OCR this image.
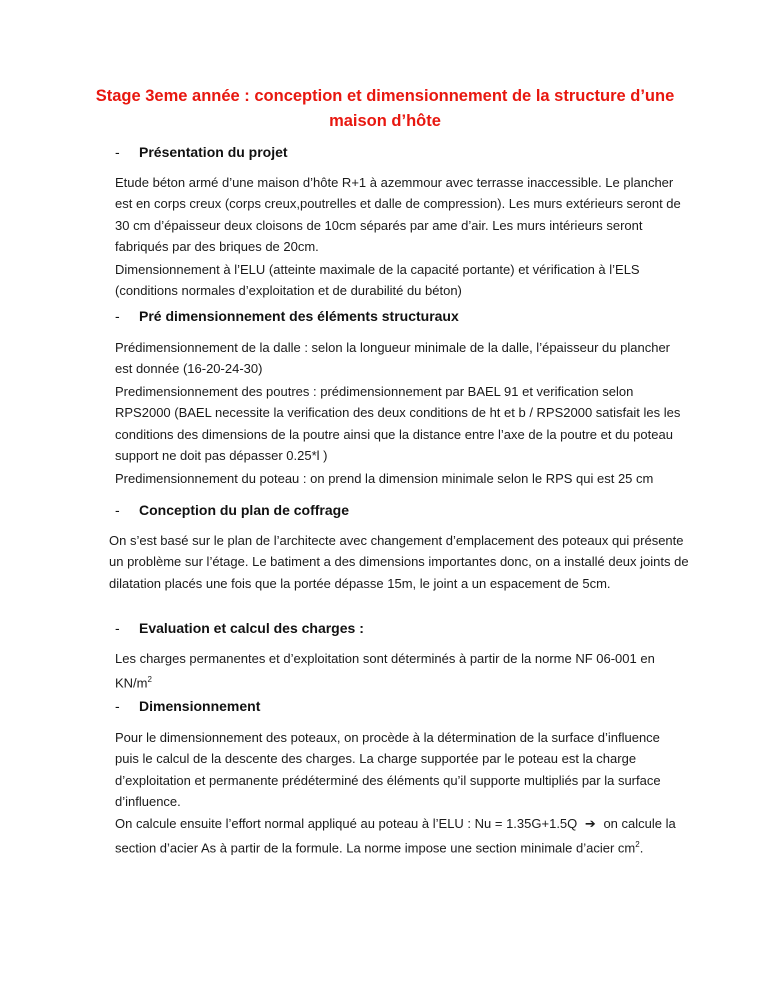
Stage 3eme année : conception et dimensionnement de la structure d’une maison d’hôte
- Présentation du projet

Etude béton armé d’une maison d’hôte R+1 à azemmour avec terrasse inaccessible. Le plancher est en corps creux (corps creux,poutrelles et dalle de compression). Les murs extérieurs seront de 30 cm d’épaisseur deux cloisons de 10cm séparés par ame d’air. Les murs intérieurs seront fabriqués par des briques de 20cm.

Dimensionnement à l’ELU (atteinte maximale de la capacité portante) et vérification à l’ELS (conditions normales d’exploitation et de durabilité du béton)

- Pré dimensionnement des éléments structuraux

Prédimensionnement de la dalle : selon la longueur minimale de la dalle, l’épaisseur du plancher est donnée (16-20-24-30)

Predimensionnement des poutres : prédimensionnement par BAEL 91 et verification selon RPS2000 (BAEL necessite la verification des deux conditions de ht et b / RPS2000 satisfait les les conditions des dimensions de la poutre ainsi que la distance entre l’axe de la poutre et du poteau support ne doit pas dépasser 0.25*l )

Predimensionnement du poteau : on prend la dimension minimale selon le RPS qui est 25 cm

- Conception du plan de coffrage

On s’est basé sur le plan de l’architecte avec changement d’emplacement des poteaux qui présente un problème sur l’étage. Le batiment a des dimensions importantes donc, on a installé deux joints de dilatation placés une fois que la portée dépasse 15m, le joint a un espacement de 5cm.

- Evaluation et calcul des charges :

Les charges permanentes et d’exploitation sont déterminés à partir de la norme NF 06-001 en
$KN/m^2$

- Dimensionnement

Pour le dimensionnement des poteaux, on procède à la détermination de la surface d’influence puis le calcul de la descente des charges. La charge supportée par le poteau est la charge d’exploitation et permanente prédéterminé des éléments qu’il supporte multipliés par la surface d’influence.

On calcule ensuite l’effort normal appliqué au poteau à l’ELU : Nu = 1.35G+1.5Q ➔ on calcule la section d’acier As à partir de la formule. La norme impose une section minimale d’acier $cm^2$.
